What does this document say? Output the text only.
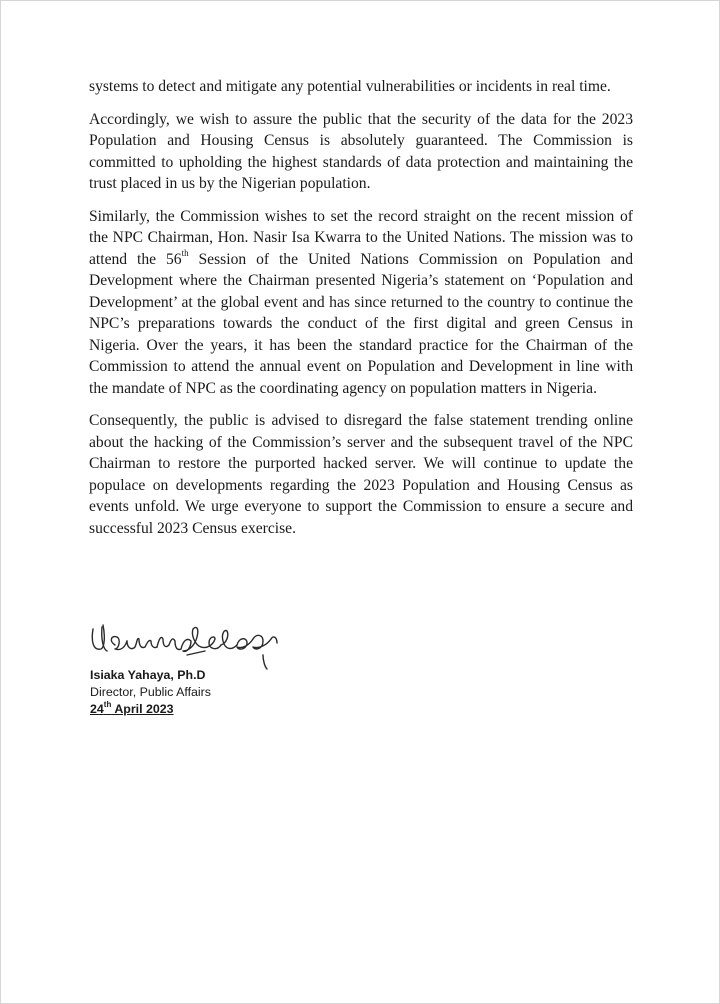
systems to detect and mitigate any potential vulnerabilities or incidents in real time.

Accordingly, we wish to assure the public that the security of the data for the 2023 Population and Housing Census is absolutely guaranteed. The Commission is committed to upholding the highest standards of data protection and maintaining the trust placed in us by the Nigerian population.

Similarly, the Commission wishes to set the record straight on the recent mission of the NPC Chairman, Hon. Nasir Isa Kwarra to the United Nations. The mission was to attend the 56th Session of the United Nations Commission on Population and Development where the Chairman presented Nigeria’s statement on ‘Population and Development’ at the global event and has since returned to the country to continue the NPC’s preparations towards the conduct of the first digital and green Census in Nigeria. Over the years, it has been the standard practice for the Chairman of the Commission to attend the annual event on Population and Development in line with the mandate of NPC as the coordinating agency on population matters in Nigeria.

Consequently, the public is advised to disregard the false statement trending online about the hacking of the Commission’s server and the subsequent travel of the NPC Chairman to restore the purported hacked server. We will continue to update the populace on developments regarding the 2023 Population and Housing Census as events unfold. We urge everyone to support the Commission to ensure a secure and successful 2023 Census exercise.

Isiaka Yahaya, Ph.D
Director, Public Affairs
24th April 2023
